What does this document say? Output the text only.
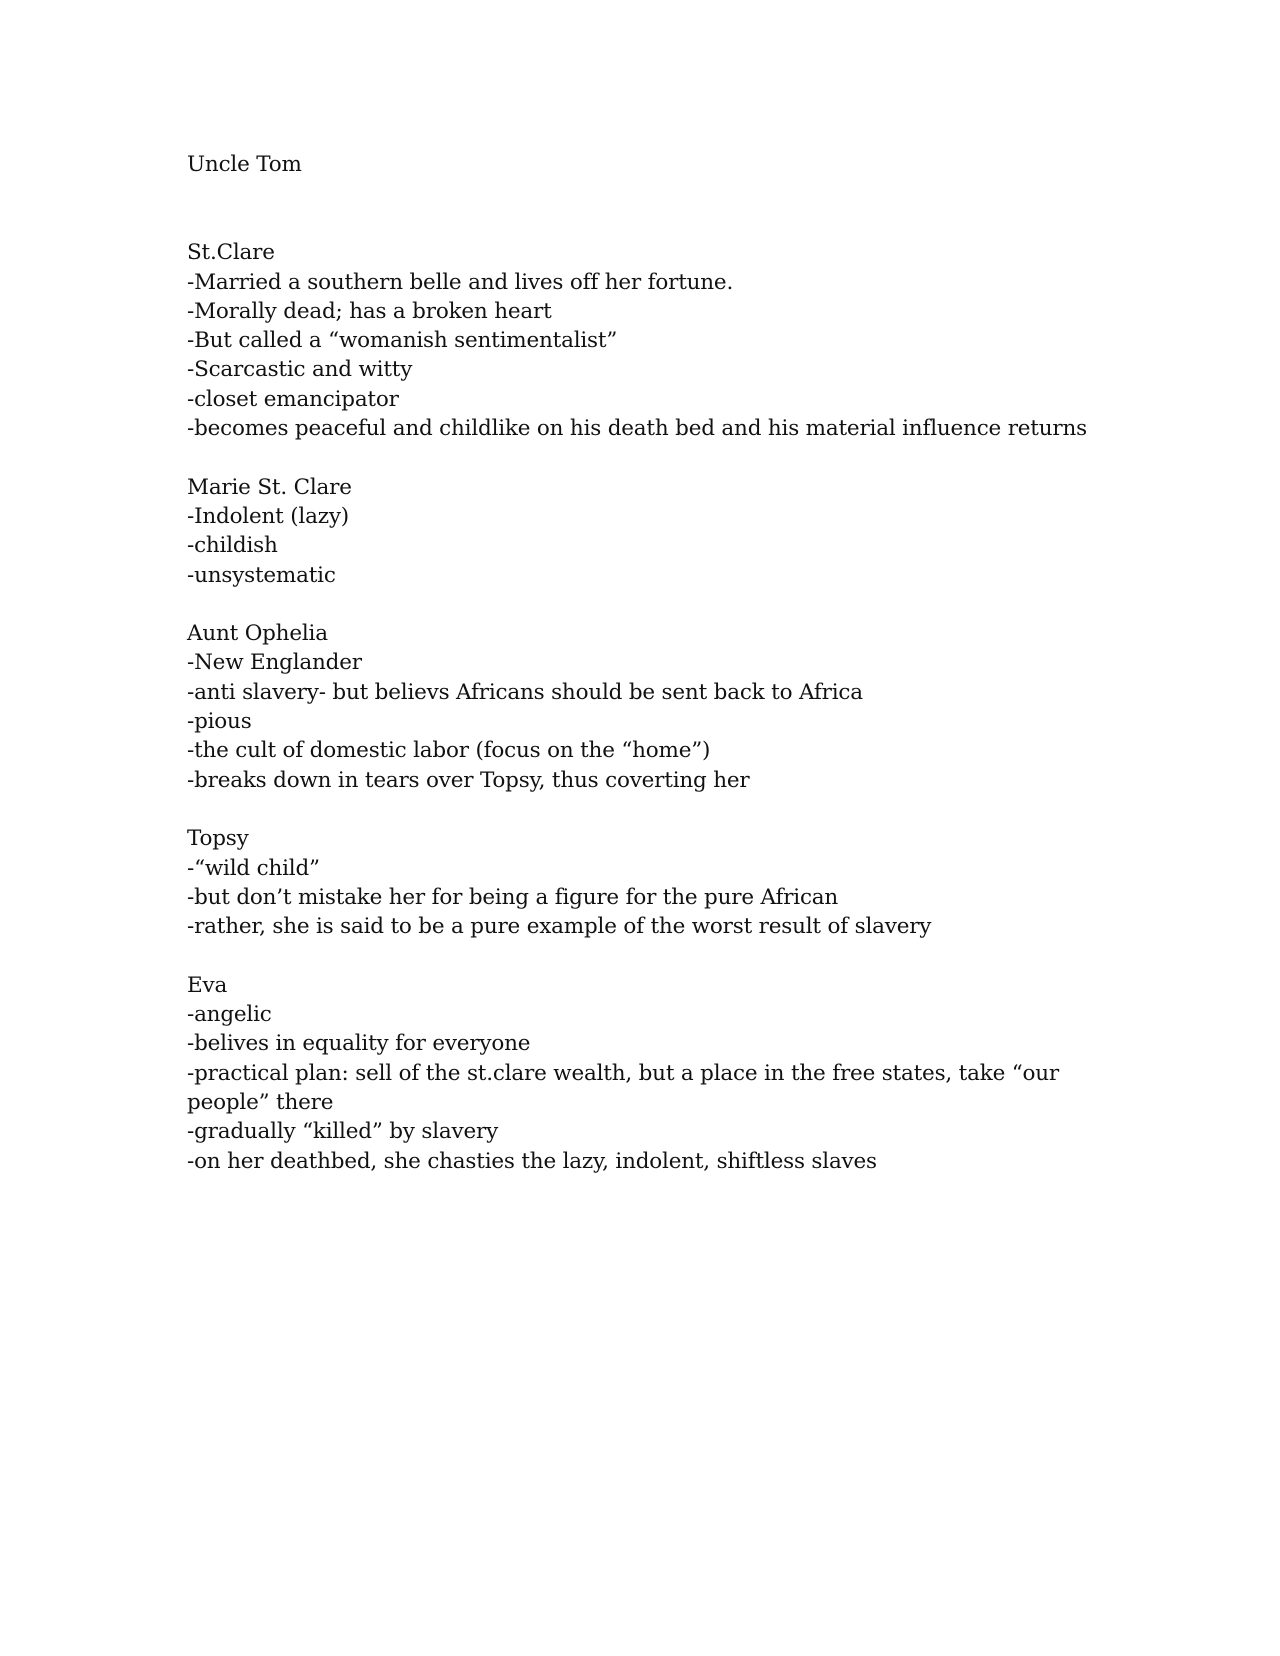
Uncle Tom
St.Clare
-Married a southern belle and lives off her fortune.
-Morally dead; has a broken heart
-But called a “womanish sentimentalist”
-Scarcastic and witty
-closet emancipator
-becomes peaceful and childlike on his death bed and his material influence returns
Marie St. Clare
-Indolent (lazy)
-childish
-unsystematic
Aunt Ophelia
-New Englander
-anti slavery- but believs Africans should be sent back to Africa
-pious
-the cult of domestic labor (focus on the “home”)
-breaks down in tears over Topsy, thus coverting her
Topsy
-“wild child”
-but don’t mistake her for being a figure for the pure African
-rather, she is said to be a pure example of the worst result of slavery
Eva
-angelic
-belives in equality for everyone
-practical plan: sell of the st.clare wealth, but a place in the free states, take “our people” there
-gradually “killed” by slavery
-on her deathbed, she chasties the lazy, indolent, shiftless slaves
